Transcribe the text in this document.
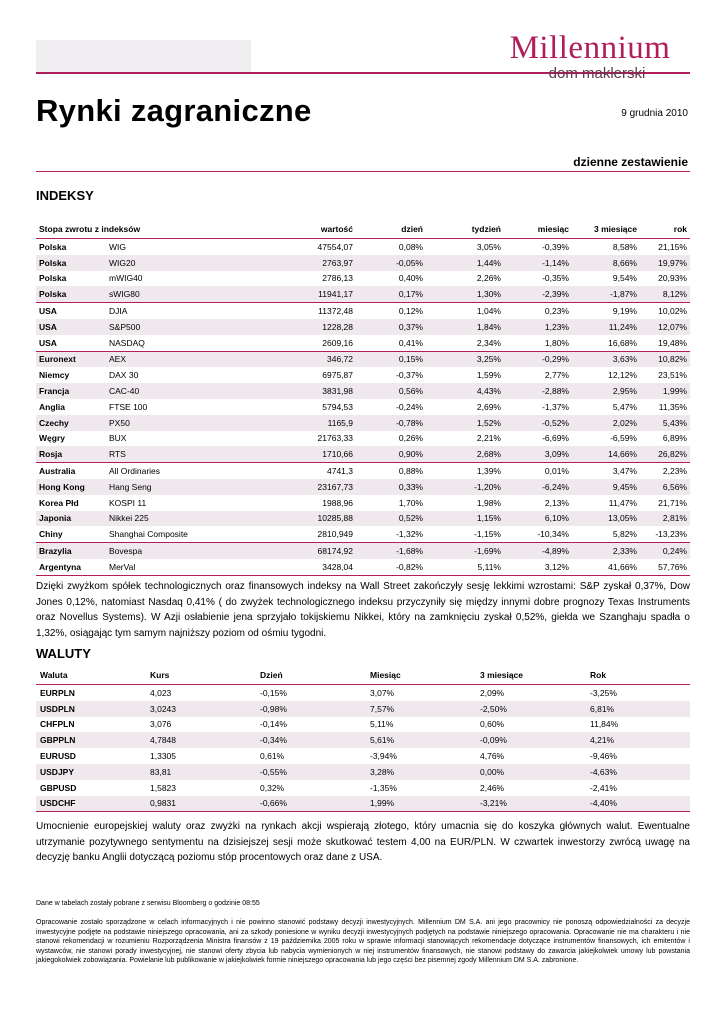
Millennium
dom maklerski
Rynki zagraniczne	9 grudnia 2010
dzienne zestawienie
INDEKSY
Stopa zwrotu z indeksów		wartość	dzień	tydzień	miesiąc	3 miesiące	rok
Polska	WIG	47554,07	0,08%	3,05%	-0,39%	8,58%	21,15%
Polska	WIG20	2763,97	-0,05%	1,44%	-1,14%	8,66%	19,97%
Polska	mWIG40	2786,13	0,40%	2,26%	-0,35%	9,54%	20,93%
Polska	sWIG80	11941,17	0,17%	1,30%	-2,39%	-1,87%	8,12%
USA	DJIA	11372,48	0,12%	1,04%	0,23%	9,19%	10,02%
USA	S&P500	1228,28	0,37%	1,84%	1,23%	11,24%	12,07%
USA	NASDAQ	2609,16	0,41%	2,34%	1,80%	16,68%	19,48%
Euronext	AEX	346,72	0,15%	3,25%	-0,29%	3,63%	10,82%
Niemcy	DAX 30	6975,87	-0,37%	1,59%	2,77%	12,12%	23,51%
Francja	CAC-40	3831,98	0,56%	4,43%	-2,88%	2,95%	1,99%
Anglia	FTSE 100	5794,53	-0,24%	2,69%	-1,37%	5,47%	11,35%
Czechy	PX50	1165,9	-0,78%	1,52%	-0,52%	2,02%	5,43%
Węgry	BUX	21763,33	0,26%	2,21%	-6,69%	-6,59%	6,89%
Rosja	RTS	1710,66	0,90%	2,68%	3,09%	14,66%	26,82%
Australia	All Ordinaries	4741,3	0,88%	1,39%	0,01%	3,47%	2,23%
Hong Kong	Hang Seng	23167,73	0,33%	-1,20%	-6,24%	9,45%	6,56%
Korea Płd	KOSPI 11	1988,96	1,70%	1,98%	2,13%	11,47%	21,71%
Japonia	Nikkei 225	10285,88	0,52%	1,15%	6,10%	13,05%	2,81%
Chiny	Shanghai Composite	2810,949	-1,32%	-1,15%	-10,34%	5,82%	-13,23%
Brazylia	Bovespa	68174,92	-1,68%	-1,69%	-4,89%	2,33%	0,24%
Argentyna	MerVal	3428,04	-0,82%	5,11%	3,12%	41,66%	57,76%

Dzięki zwyżkom spółek technologicznych oraz finansowych indeksy na Wall Street zakończyły sesję lekkimi wzrostami: S&P zyskał 0,37%, Dow Jones 0,12%, natomiast Nasdaq 0,41% ( do zwyżek technologicznego indeksu przyczyniły się między innymi dobre prognozy Texas Instruments oraz Novellus Systems). W Azji osłabienie jena sprzyjało tokijskiemu Nikkei, który na zamknięciu zyskał 0,52%, giełda we Szanghaju spadła o 1,32%, osiągając tym samym najniższy poziom od ośmiu tygodni.

WALUTY
Waluta	Kurs	Dzień	Miesiąc	3 miesiące	Rok
EURPLN	4,023	-0,15%	3,07%	2,09%	-3,25%
USDPLN	3,0243	-0,98%	7,57%	-2,50%	6,81%
CHFPLN	3,076	-0,14%	5,11%	0,60%	11,84%
GBPPLN	4,7848	-0,34%	5,61%	-0,09%	4,21%
EURUSD	1,3305	0,61%	-3,94%	4,76%	-9,46%
USDJPY	83,81	-0,55%	3,28%	0,00%	-4,63%
GBPUSD	1,5823	0,32%	-1,35%	2,46%	-2,41%
USDCHF	0,9831	-0,66%	1,99%	-3,21%	-4,40%

Umocnienie europejskiej waluty oraz zwyżki na rynkach akcji wspierają złotego, który umacnia się do koszyka głównych walut. Ewentualne utrzymanie pozytywnego sentymentu na dzisiejszej sesji może skutkować testem 4,00 na EUR/PLN. W czwartek inwestorzy zwrócą uwagę na decyzję banku Anglii dotyczącą poziomu stóp procentowych oraz dane z USA.

Dane w tabelach zostały pobrane z serwisu Bloomberg o godzinie 08:55

Opracowanie zostało sporządzone w celach informacyjnych i nie powinno stanowić podstawy decyzji inwestycyjnych. Millennium DM S.A. ani jego pracownicy nie ponoszą odpowiedzialności za decyzje inwestycyjne podjęte na podstawie niniejszego opracowania, ani za szkody poniesione w wyniku decyzji inwestycyjnych podjętych na podstawie niniejszego opracowania. Opracowanie nie ma charakteru i nie stanowi rekomendacji w rozumieniu Rozporządzenia Ministra finansów z 19 października 2005 roku w sprawie informacji stanowiących rekomendacje dotyczące instrumentów finansowych, ich emitentów i wystawców, nie stanowi porady inwestycyjnej, nie stanowi oferty zbycia lub nabycia wymienionych w niej instrumentów finansowych, nie stanowi podstawy do zawarcia jakiejkolwiek umowy lub powstania jakiegokolwiek zobowiązania. Powielanie lub publikowanie w jakiejkolwiek formie niniejszego opracowania lub jego części bez pisemnej zgody Millennium DM S.A. zabronione.
